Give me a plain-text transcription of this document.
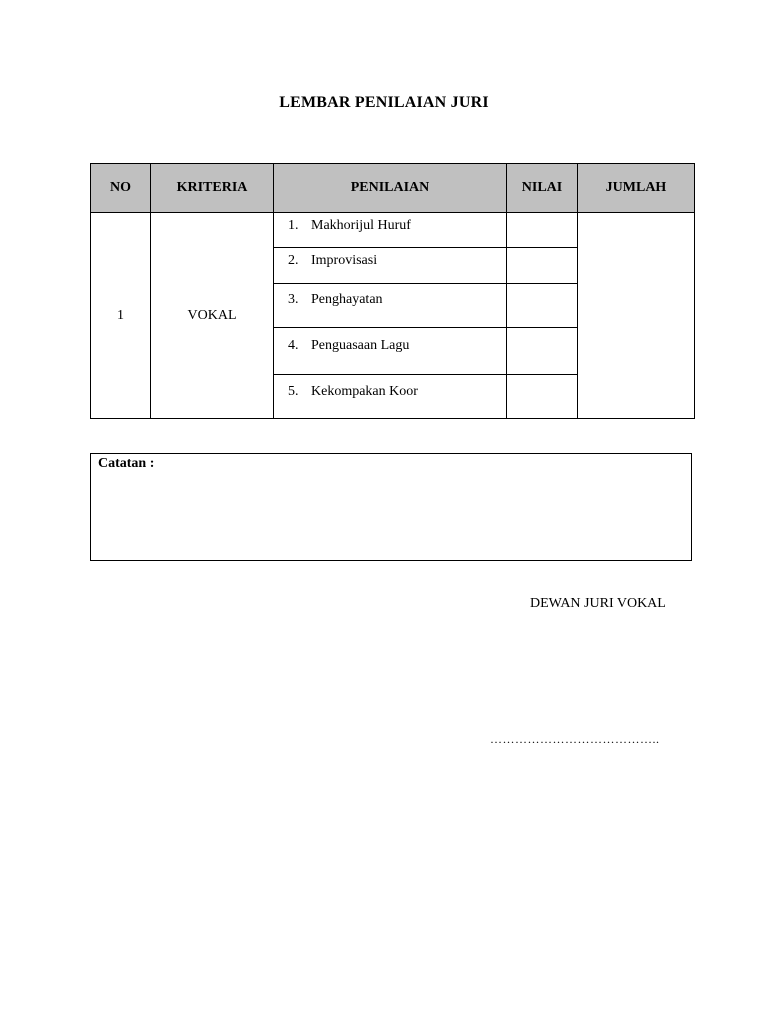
LEMBAR PENILAIAN JURI
NO	KRITERIA	PENILAIAN	NILAI	JUMLAH
1	VOKAL	1. Makhorijul Huruf		
		2. Improvisasi		
		3. Penghayatan		
		4. Penguasaan Lagu		
		5. Kekompakan Koor		
Catatan :
DEWAN JURI VOKAL
…………………………………..
